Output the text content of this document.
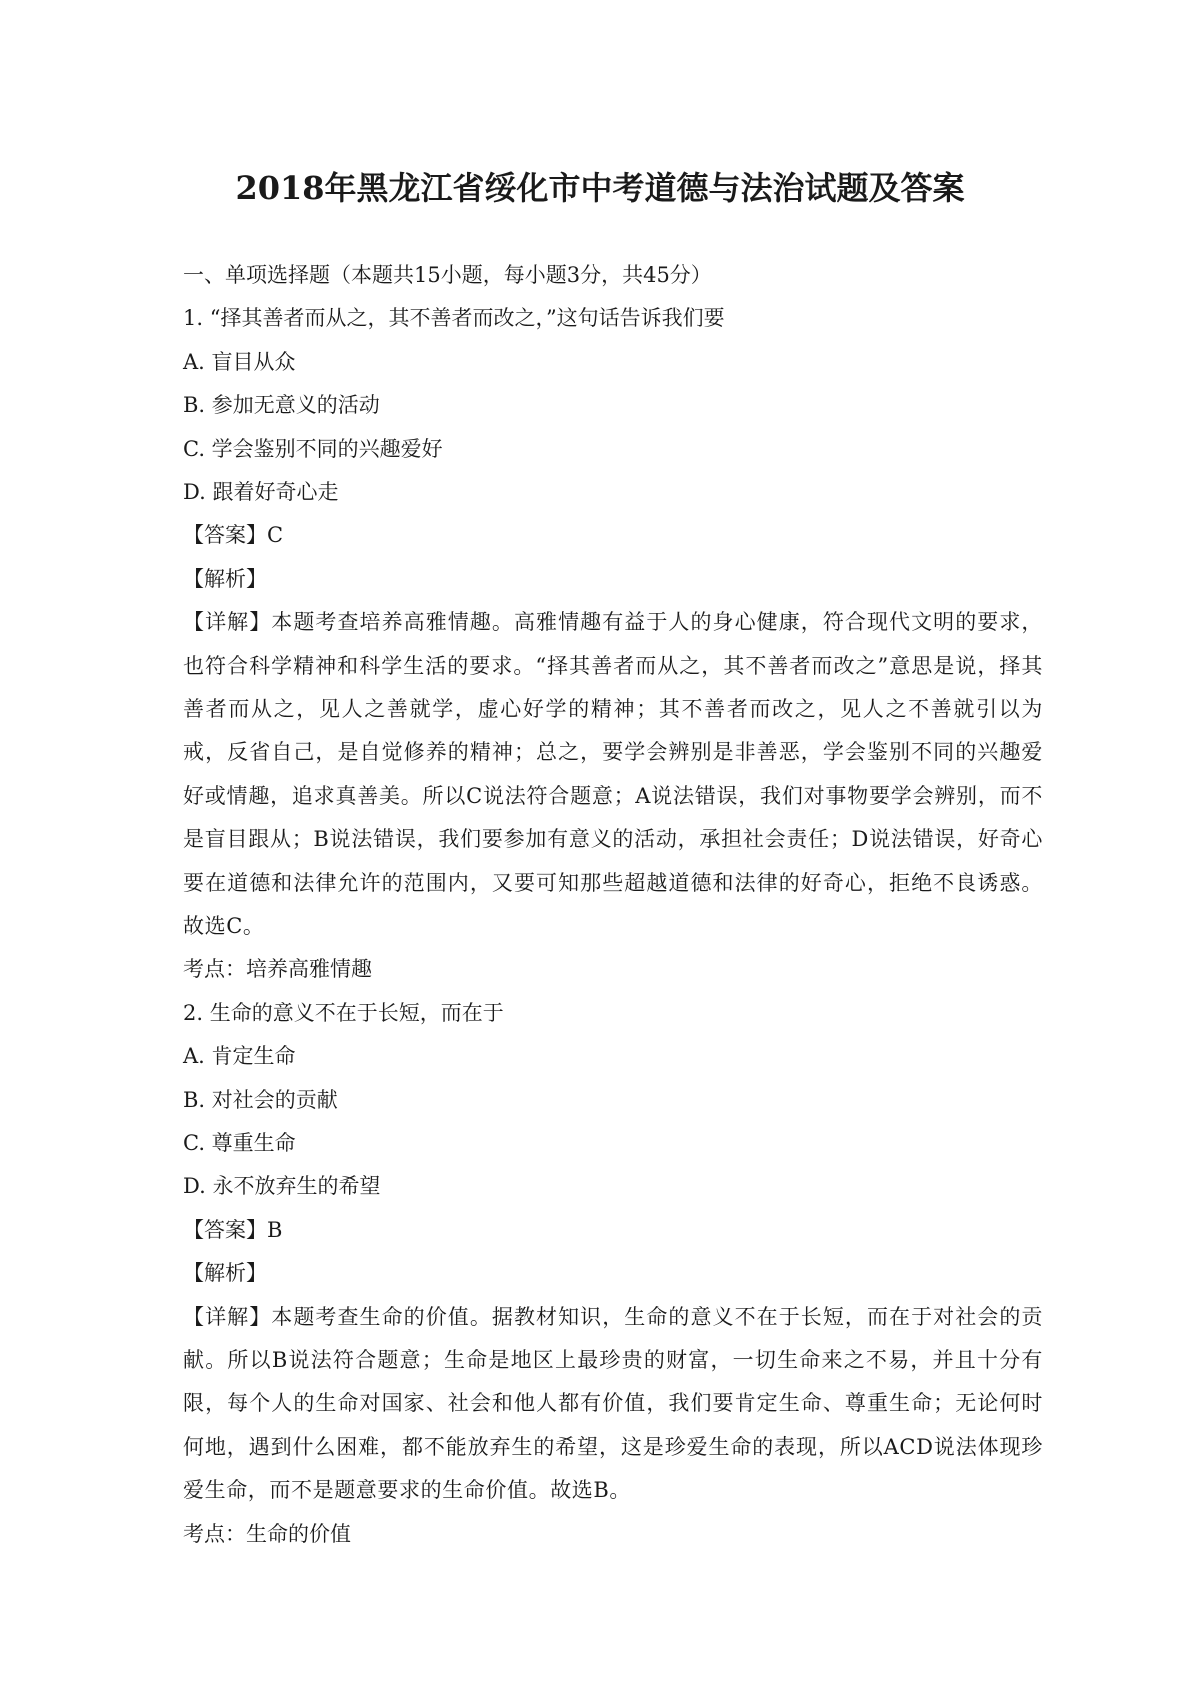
2018年黑龙江省绥化市中考道德与法治试题及答案

一、单项选择题（本题共15小题，每小题3分，共45分）

1. “择其善者而从之，其不善者而改之，”这句话告诉我们要

A. 盲目从众

B. 参加无意义的活动

C. 学会鉴别不同的兴趣爱好

D. 跟着好奇心走

【答案】C

【解析】

【详解】本题考查培养高雅情趣。高雅情趣有益于人的身心健康，符合现代文明的要求，也符合科学精神和科学生活的要求。“择其善者而从之，其不善者而改之”意思是说，择其善者而从之，见人之善就学，虚心好学的精神；其不善者而改之，见人之不善就引以为戒，反省自己，是自觉修养的精神；总之，要学会辨别是非善恶，学会鉴别不同的兴趣爱好或情趣，追求真善美。所以C说法符合题意；A说法错误，我们对事物要学会辨别，而不是盲目跟从；B说法错误，我们要参加有意义的活动，承担社会责任；D说法错误，好奇心要在道德和法律允许的范围内，又要可知那些超越道德和法律的好奇心，拒绝不良诱惑。故选C。

考点：培养高雅情趣

2. 生命的意义不在于长短，而在于

A. 肯定生命

B. 对社会的贡献

C. 尊重生命

D. 永不放弃生的希望

【答案】B

【解析】

【详解】本题考查生命的价值。据教材知识，生命的意义不在于长短，而在于对社会的贡献。所以B说法符合题意；生命是地区上最珍贵的财富，一切生命来之不易，并且十分有限，每个人的生命对国家、社会和他人都有价值，我们要肯定生命、尊重生命；无论何时何地，遇到什么困难，都不能放弃生的希望，这是珍爱生命的表现，所以ACD说法体现珍爱生命，而不是题意要求的生命价值。故选B。

考点：生命的价值
